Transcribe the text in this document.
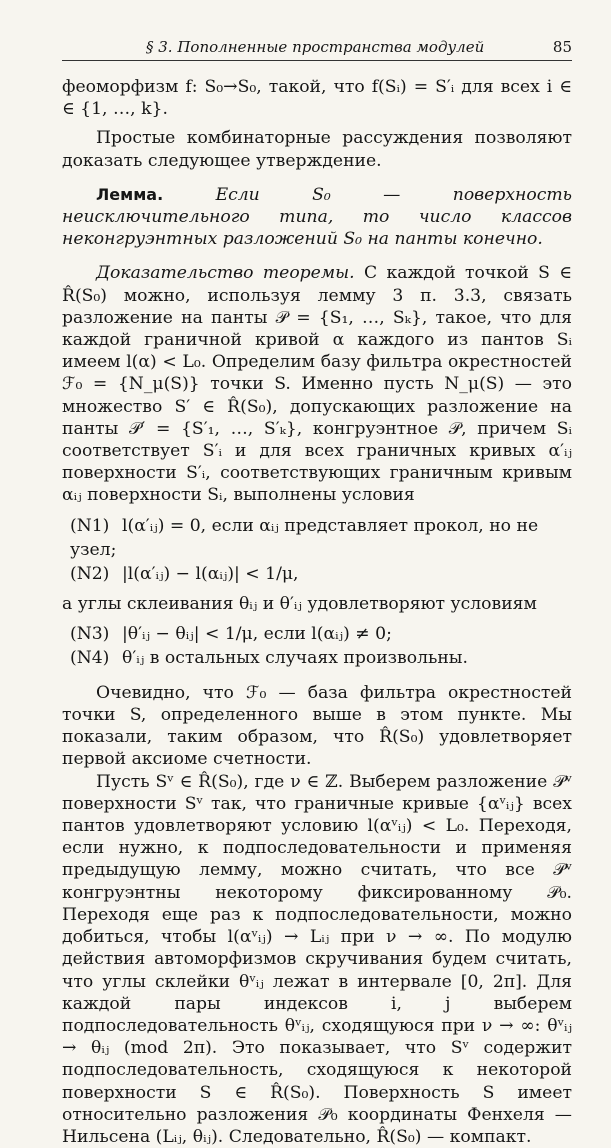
§ 3. Пополненные пространства модулей	85

феоморфизм f: S₀→S₀, такой, что f(Sᵢ) = S′ᵢ для всех i ∈ ∈ {1, …, k}.

Простые комбинаторные рассуждения позволяют доказать следующее утверждение.

Лемма.	Если S₀ — поверхность неисключительного типа, то число классов неконгруэнтных разложений S₀ на панты конечно.

Доказательство теоремы. С каждой точкой S ∈ R̂(S₀) можно, используя лемму 3 п. 3.3, связать разложение на панты 𝒫 = {S₁, …, Sₖ}, такое, что для каждой граничной кривой α каждого из пантов Sᵢ имеем l(α) < L₀. Определим базу фильтра окрестностей ℱ₀ = {N_μ(S)} точки S. Именно пусть N_μ(S) — это множество S′ ∈ R̂(S₀), допускающих разложение на панты 𝒫′ = {S′₁, …, S′ₖ}, конгруэнтное 𝒫, причем Sᵢ соответствует S′ᵢ и для всех граничных кривых α′ᵢⱼ поверхности S′ᵢ, соответствующих граничным кривым αᵢⱼ поверхности Sᵢ, выполнены условия

(N1) l(α′ᵢⱼ) = 0, если αᵢⱼ представляет прокол, но не узел;

(N2) |l(α′ᵢⱼ) − l(αᵢⱼ)| < 1/μ,

а углы склеивания θᵢⱼ и θ′ᵢⱼ удовлетворяют условиям

(N3) |θ′ᵢⱼ − θᵢⱼ| < 1/μ, если l(αᵢⱼ) ≠ 0;

(N4) θ′ᵢⱼ в остальных случаях произвольны.

Очевидно, что ℱ₀ — база фильтра окрестностей точки S, определенного выше в этом пункте. Мы показали, таким образом, что R̂(S₀) удовлетворяет первой аксиоме счетности.

Пусть Sᵛ ∈ R̂(S₀), где ν ∈ ℤ. Выберем разложение 𝒫ᵛ поверхности Sᵛ так, что граничные кривые {αᵛᵢⱼ} всех пантов удовлетворяют условию l(αᵛᵢⱼ) < L₀. Переходя, если нужно, к подпоследовательности и применяя предыдущую лемму, можно считать, что все 𝒫ᵛ конгруэнтны некоторому фиксированному 𝒫₀. Переходя еще раз к подпоследовательности, можно добиться, чтобы l(αᵛᵢⱼ) → Lᵢⱼ при ν → ∞. По модулю действия автоморфизмов скручивания будем считать, что углы склейки θᵛᵢⱼ лежат в интервале [0, 2π]. Для каждой пары индексов i, j выберем подпоследовательность θᵛᵢⱼ, сходящуюся при ν → ∞: θᵛᵢⱼ → θᵢⱼ (mod 2π). Это показывает, что Sᵛ содержит подпоследовательность, сходящуюся к некоторой поверхности S ∈ R̂(S₀). Поверхность S имеет относительно разложения 𝒫₀ координаты Фенхеля — Нильсена (Lᵢⱼ, θᵢⱼ). Следовательно, R̂(S₀) — компакт.
